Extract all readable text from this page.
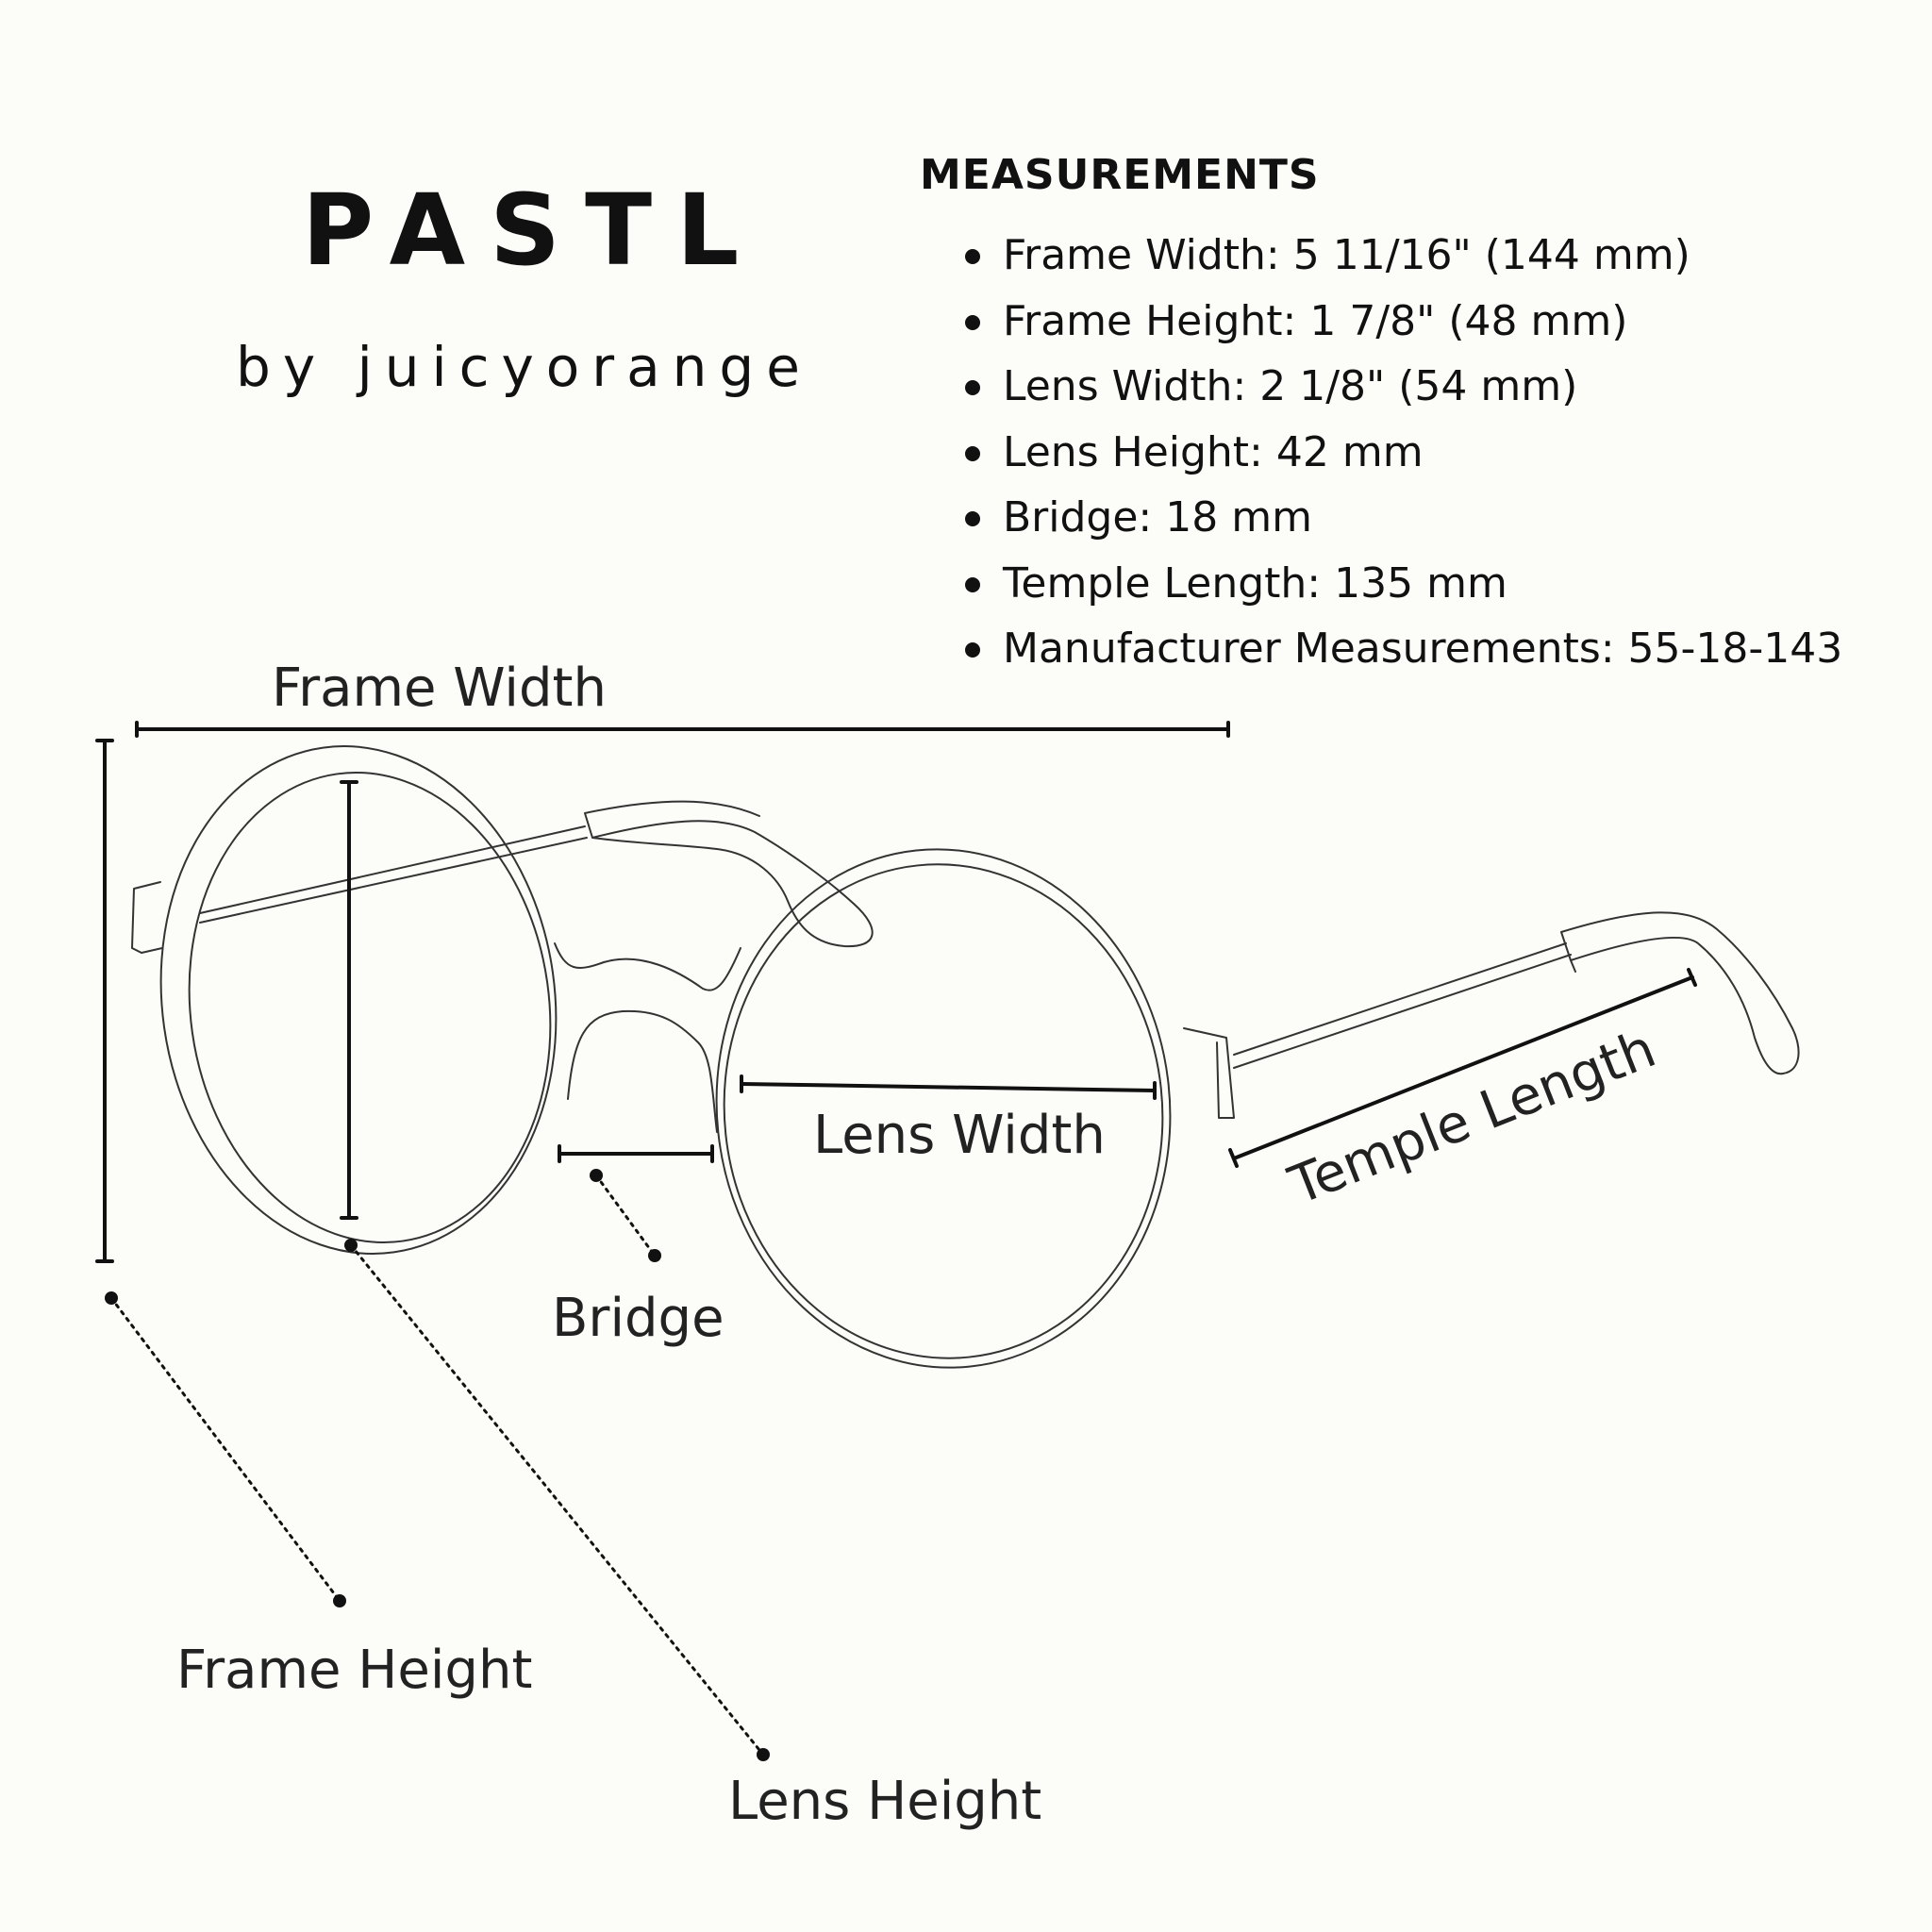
PASTL
by juicyorange
MEASUREMENTS
Frame Width: 5 11/16" (144 mm)
Frame Height: 1 7/8" (48 mm)
Lens Width: 2 1/8" (54 mm)
Lens Height: 42 mm
Bridge: 18 mm
Temple Length: 135 mm
Manufacturer Measurements: 55-18-143
Frame Width
Frame Height
Lens Height
Lens Width
Bridge
Temple Length
